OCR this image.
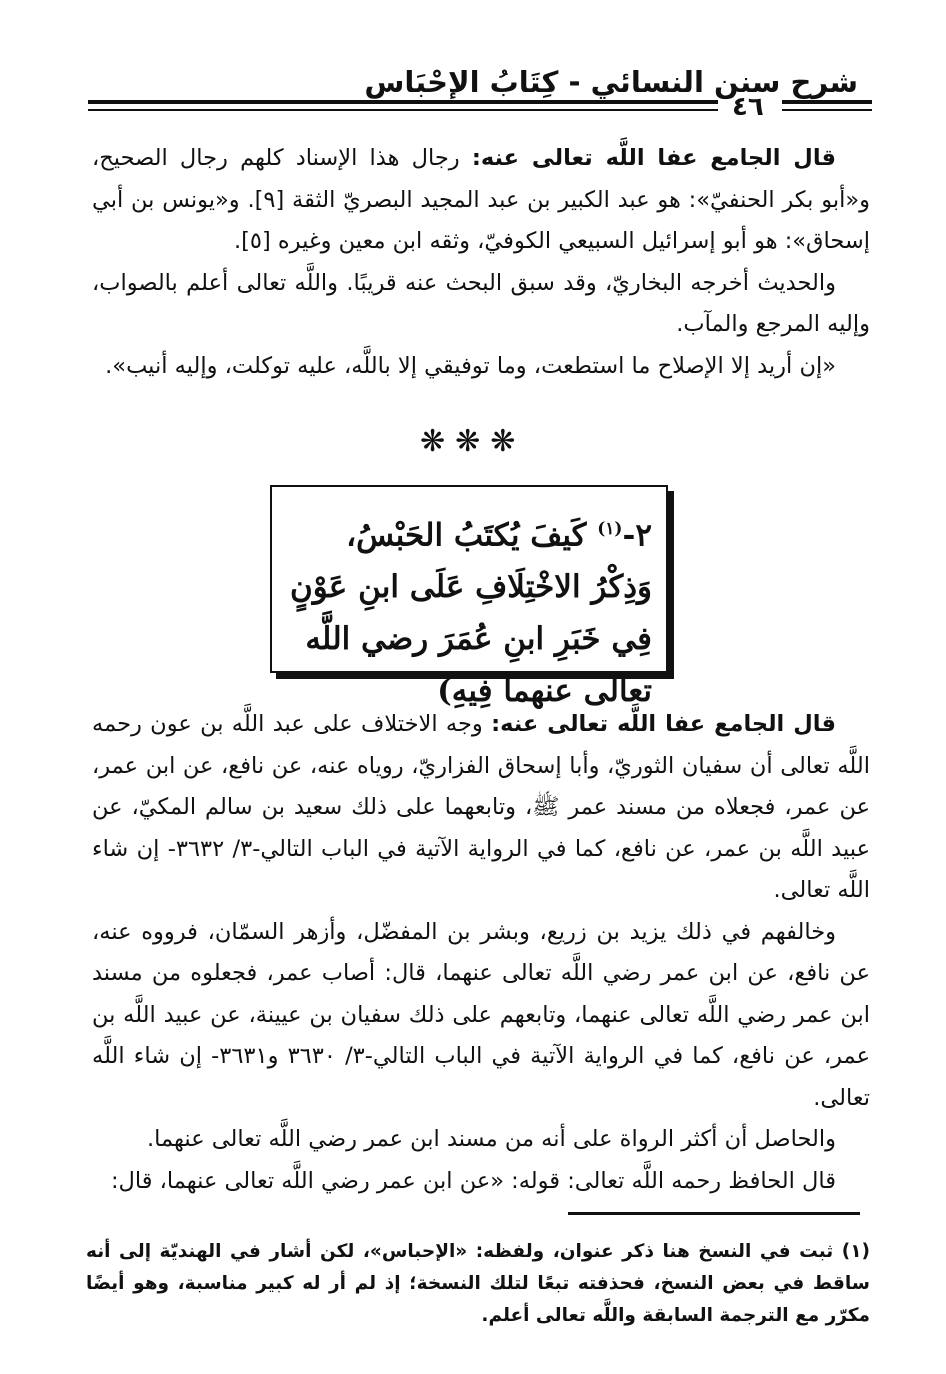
شرح سنن النسائي - كِتَابُ الإِحْبَاس
٤٦

قال الجامع عفا اللَّه تعالى عنه: رجال هذا الإسناد كلهم رجال الصحيح، و«أبو بكر الحنفيّ»: هو عبد الكبير بن عبد المجيد البصريّ الثقة [٩]. و«يونس بن أبي إسحاق»: هو أبو إسرائيل السبيعي الكوفيّ، وثقه ابن معين وغيره [٥].

والحديث أخرجه البخاريّ، وقد سبق البحث عنه قريبًا. واللَّه تعالى أعلم بالصواب، وإليه المرجع والمآب.

«إن أريد إلا الإصلاح ما استطعت، وما توفيقي إلا باللَّه، عليه توكلت، وإليه أنيب».

❋❋❋
٢-$^{(١)}$ كَيفَ يُكتَبُ الحَبْسُ، وَذِكْرُ الاخْتِلَافِ عَلَى ابنِ عَوْنٍ فِي خَبَرِ ابنِ عُمَرَ رضي اللَّه تعالى عنهما فِيهِ)

قال الجامع عفا اللَّه تعالى عنه: وجه الاختلاف على عبد اللَّه بن عون رحمه اللَّه تعالى أن سفيان الثوريّ، وأبا إسحاق الفزاريّ، روياه عنه، عن نافع، عن ابن عمر، عن عمر، فجعلاه من مسند عمر ﷺ، وتابعهما على ذلك سعيد بن سالم المكيّ، عن عبيد اللَّه بن عمر، عن نافع، كما في الرواية الآتية في الباب التالي-٣/ ٣٦٣٢- إن شاء اللَّه تعالى.

وخالفهم في ذلك يزيد بن زريع، وبشر بن المفضّل، وأزهر السمّان، فرووه عنه، عن نافع، عن ابن عمر رضي اللَّه تعالى عنهما، قال: أصاب عمر، فجعلوه من مسند ابن عمر رضي اللَّه تعالى عنهما، وتابعهم على ذلك سفيان بن عيينة، عن عبيد اللَّه بن عمر، عن نافع، كما في الرواية الآتية في الباب التالي-٣/ ٣٦٣٠ و٣٦٣١- إن شاء اللَّه تعالى.

والحاصل أن أكثر الرواة على أنه من مسند ابن عمر رضي اللَّه تعالى عنهما.

قال الحافظ رحمه اللَّه تعالى: قوله: «عن ابن عمر رضي اللَّه تعالى عنهما، قال:

(١) ثبت في النسخ هنا ذكر عنوان، ولفظه: «الإحباس»، لكن أشار في الهنديّة إلى أنه ساقط في بعض النسخ، فحذفته تبعًا لتلك النسخة؛ إذ لم أر له كبير مناسبة، وهو أيضًا مكرّر مع الترجمة السابقة واللَّه تعالى أعلم.
